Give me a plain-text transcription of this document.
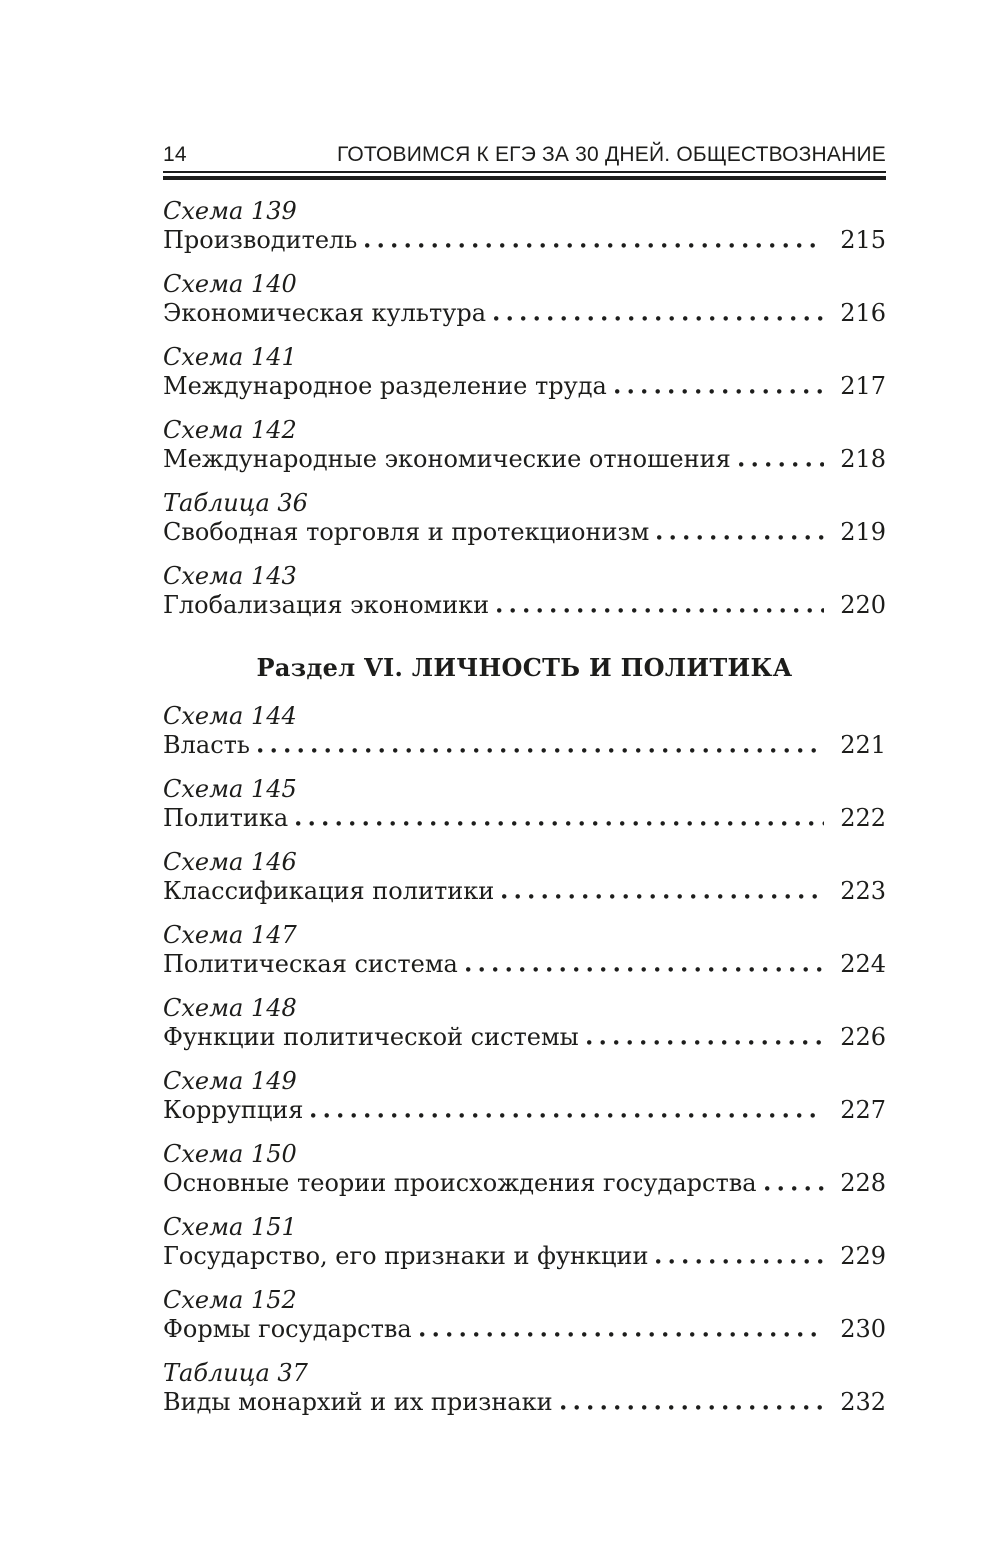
14	ГОТОВИМСЯ К ЕГЭ ЗА 30 ДНЕЙ. ОБЩЕСТВОЗНАНИЕ
Схема 139
Производитель	215
Схема 140
Экономическая культура	216
Схема 141
Международное разделение труда	217
Схема 142
Международные экономические отношения	218
Таблица 36
Свободная торговля и протекционизм	219
Схема 143
Глобализация экономики	220
Раздел VI. ЛИЧНОСТЬ И ПОЛИТИКА
Схема 144
Власть	221
Схема 145
Политика	222
Схема 146
Классификация политики	223
Схема 147
Политическая система	224
Схема 148
Функции политической системы	226
Схема 149
Коррупция	227
Схема 150
Основные теории происхождения государства	228
Схема 151
Государство, его признаки и функции	229
Схема 152
Формы государства	230
Таблица 37
Виды монархий и их признаки	232
